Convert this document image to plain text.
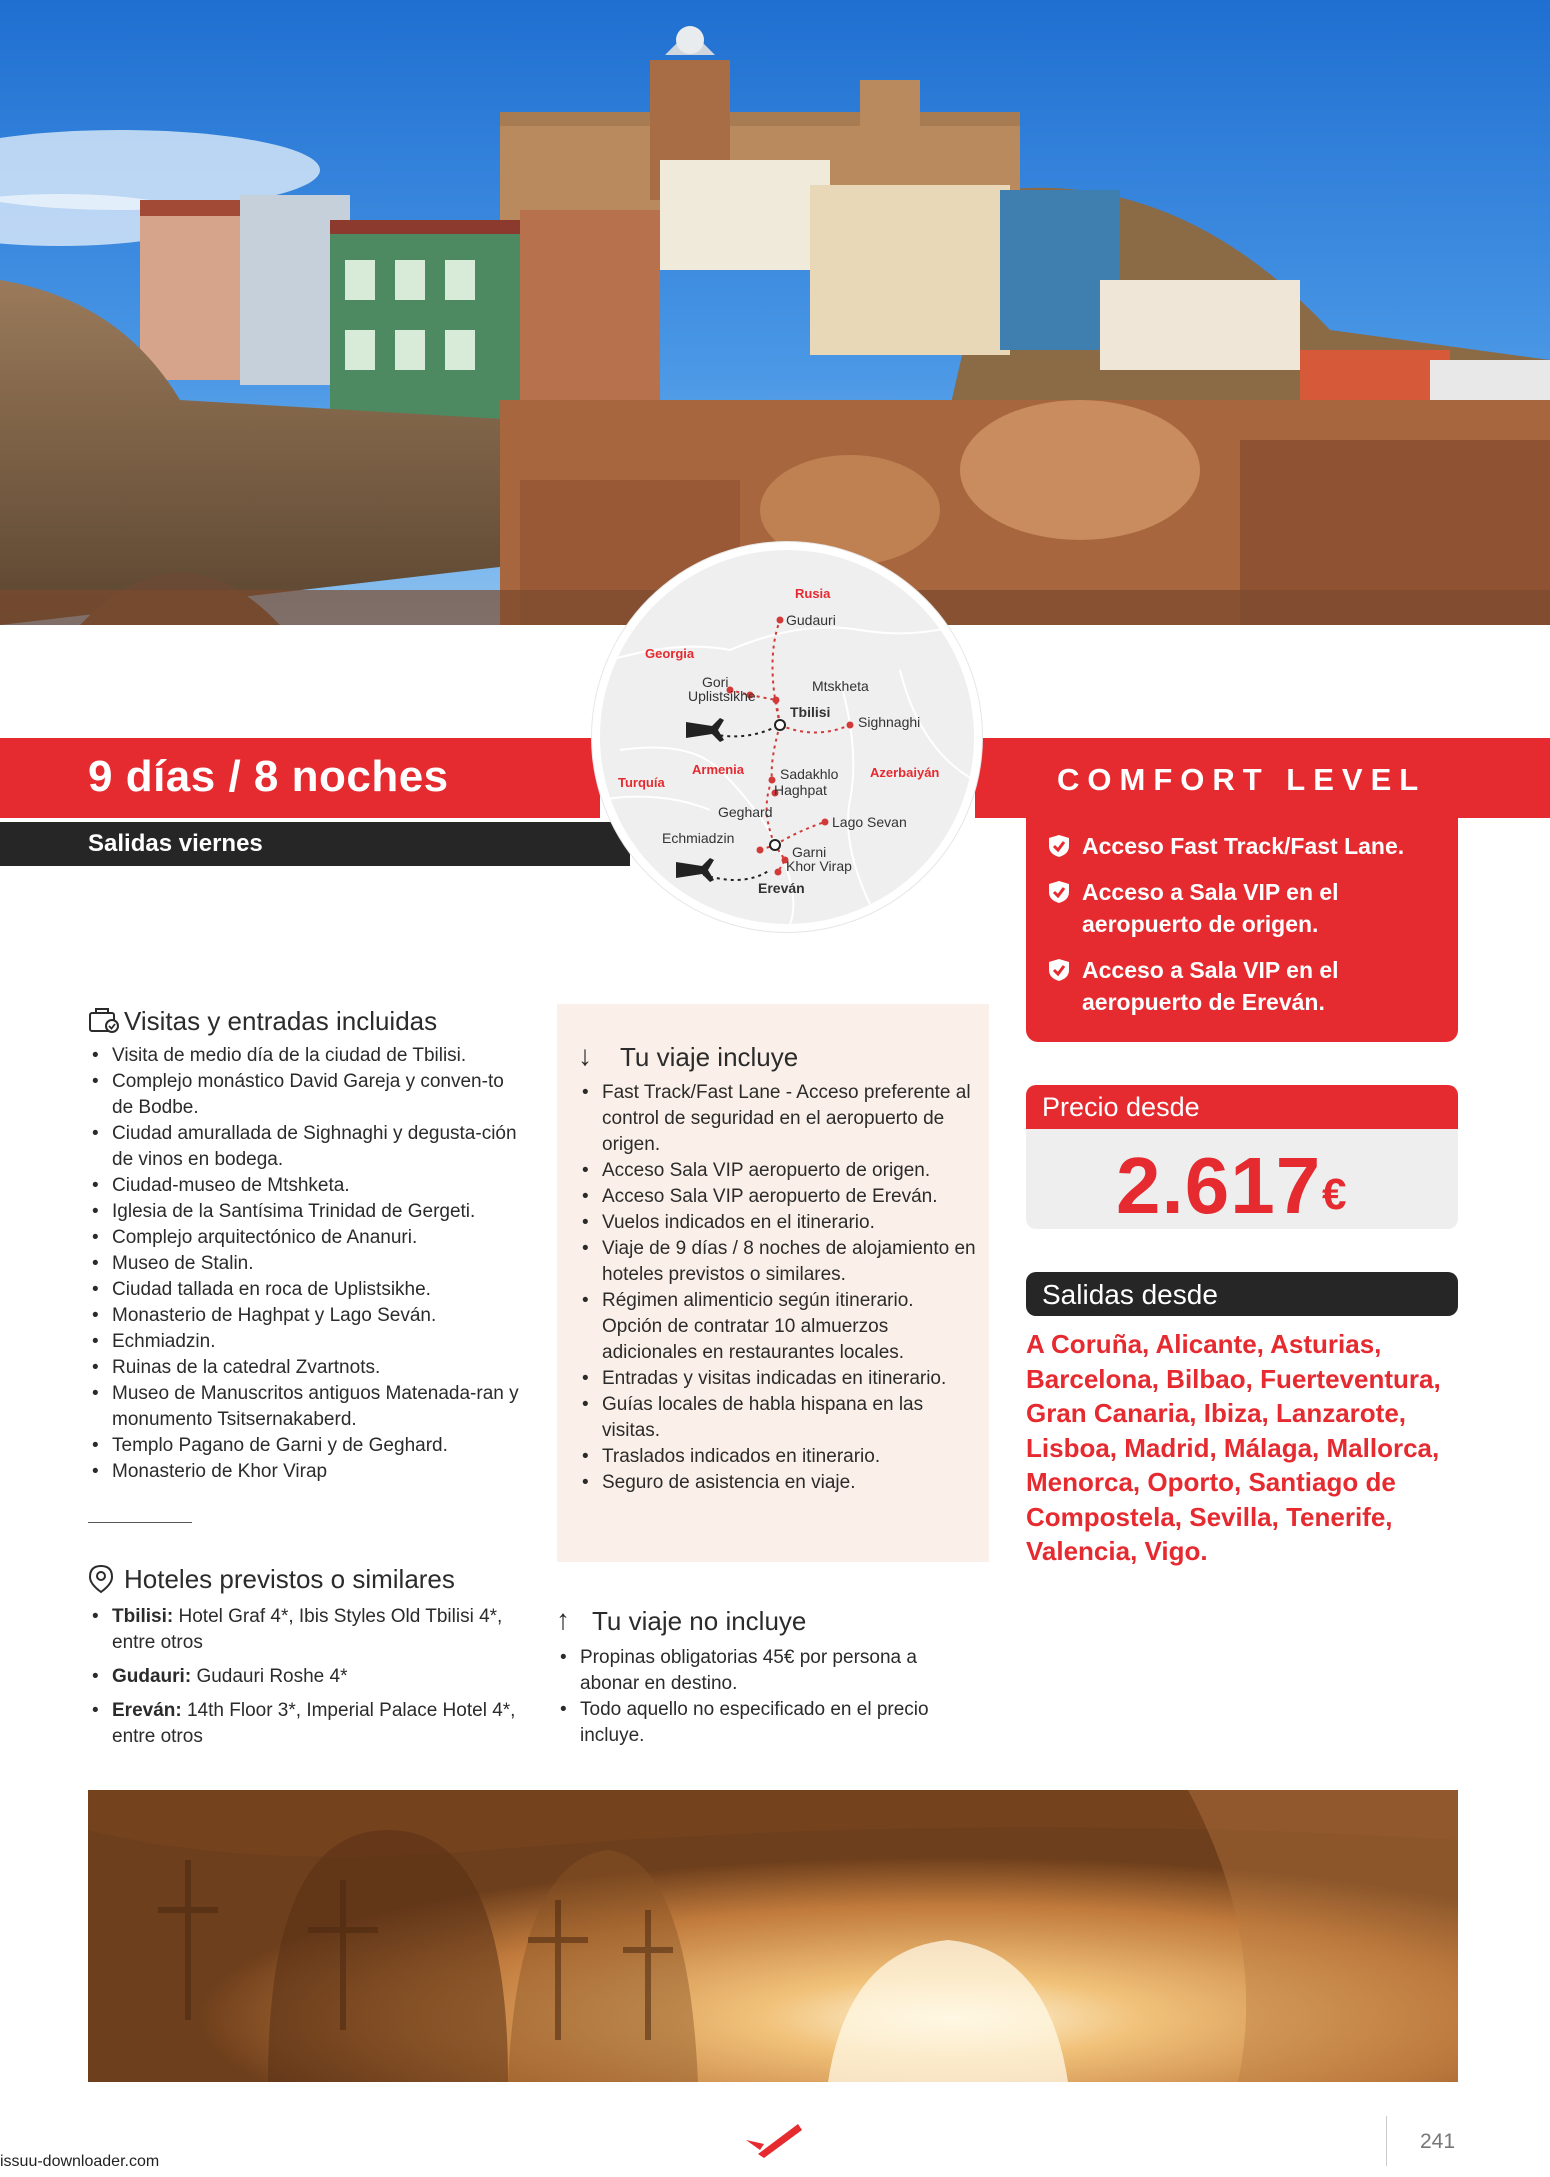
9 días / 8 noches
Salidas viernes
COMFORT LEVEL
Acceso Fast Track/Fast Lane.
Acceso a Sala VIP en el aeropuerto de origen.
Acceso a Sala VIP en el aeropuerto de Ereván.
Rusia
Georgia
Turquía
Armenia	Azerbaiyán
Gudauri
Gori
Uplistsikhe
Mtskheta
Tbilisi
Sighnaghi
Sadakhlo
Haghpat
Geghard
Lago Sevan
Echmiadzin
Garni
Khor Virap
Ereván
Visitas y entradas incluidas
• Visita de medio día de la ciudad de Tbilisi.
• Complejo monástico David Gareja y conven-to de Bodbe.
• Ciudad amurallada de Sighnaghi y degusta-ción de vinos en bodega.
• Ciudad-museo de Mtshketa.
• Iglesia de la Santísima Trinidad de Gergeti.
• Complejo arquitectónico de Ananuri.
• Museo de Stalin.
• Ciudad tallada en roca de Uplistsikhe.
• Monasterio de Haghpat y Lago Seván.
• Echmiadzin.
• Ruinas de la catedral Zvartnots.
• Museo de Manuscritos antiguos Matenada-ran y monumento Tsitsernakaberd.
• Templo Pagano de Garni y de Geghard.
• Monasterio de Khor Virap
Hoteles previstos o similares
• Tbilisi: Hotel Graf 4*, Ibis Styles Old Tbilisi 4*, entre otros
• Gudauri: Gudauri Roshe 4*
• Ereván: 14th Floor 3*, Imperial Palace Hotel 4*, entre otros
↓ Tu viaje incluye
• Fast Track/Fast Lane - Acceso preferente al control de seguridad en el aeropuerto de origen.
• Acceso Sala VIP aeropuerto de origen.
• Acceso Sala VIP aeropuerto de Ereván.
• Vuelos indicados en el itinerario.
• Viaje de 9 días / 8 noches de alojamiento en hoteles previstos o similares.
• Régimen alimenticio según itinerario. Opción de contratar 10 almuerzos adicionales en restaurantes locales.
• Entradas y visitas indicadas en itinerario.
• Guías locales de habla hispana en las visitas.
• Traslados indicados en itinerario.
• Seguro de asistencia en viaje.
↑ Tu viaje no incluye
• Propinas obligatorias 45€ por persona a abonar en destino.
• Todo aquello no especificado en el precio incluye.
Precio desde
2.617 €
Salidas desde
A Coruña, Alicante, Asturias, Barcelona, Bilbao, Fuerteventura, Gran Canaria, Ibiza, Lanzarote, Lisboa, Madrid, Málaga, Mallorca, Menorca, Oporto, Santiago de Compostela, Sevilla, Tenerife, Valencia, Vigo.
241
issuu-downloader.com
